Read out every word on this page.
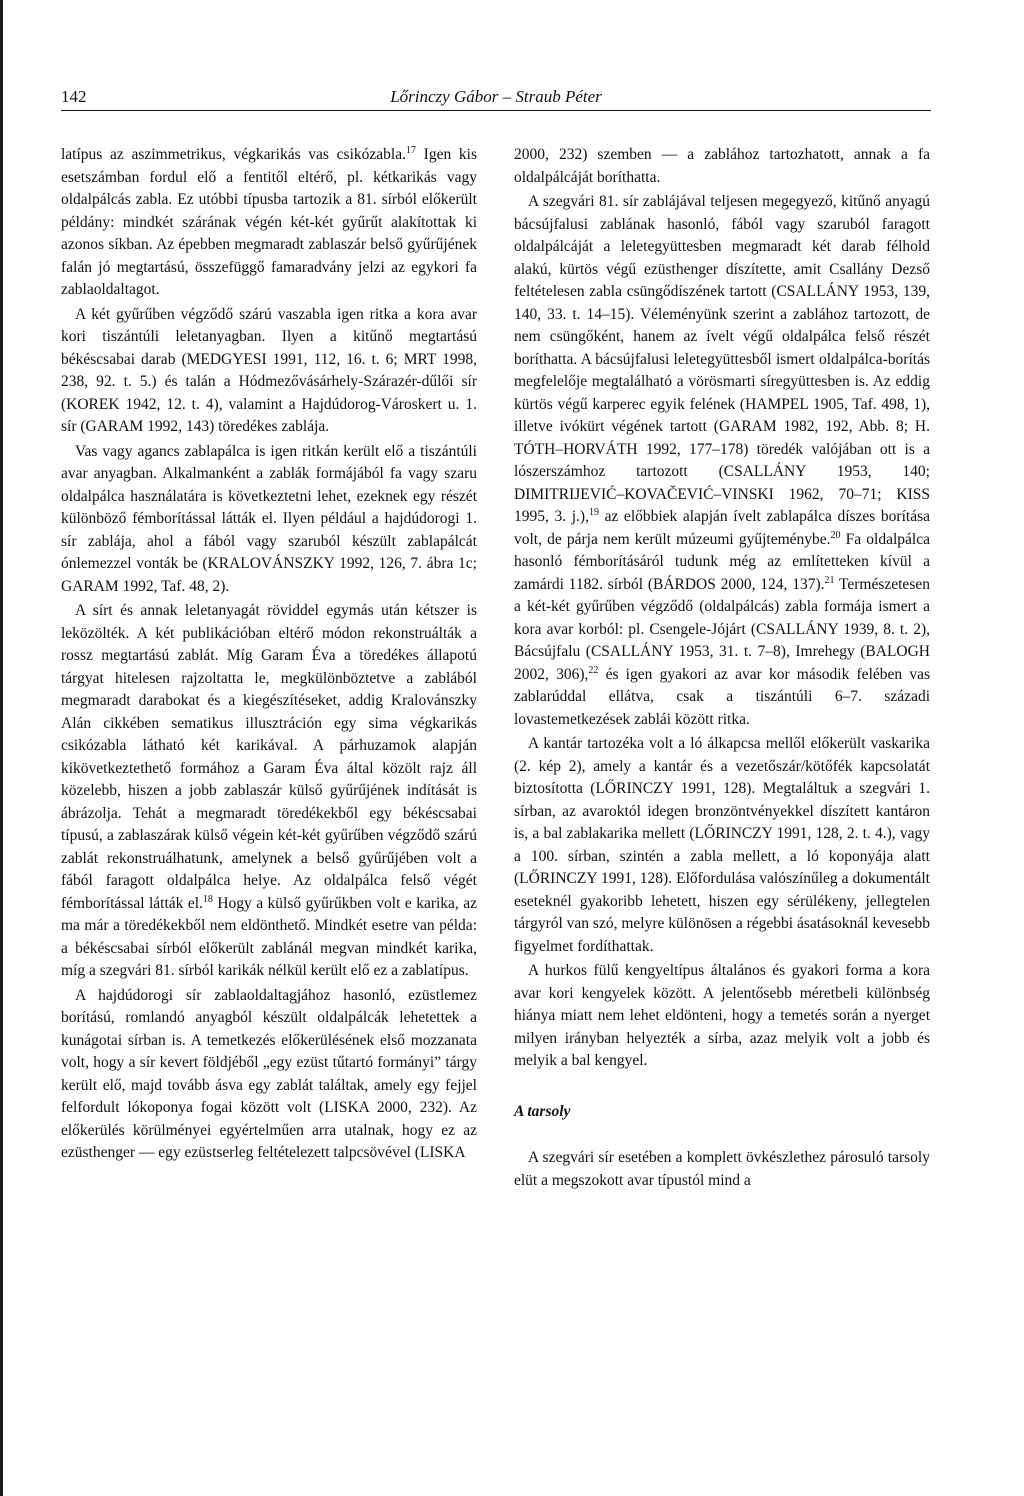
142	Lőrinczy Gábor – Straub Péter

latípus az aszimmetrikus, végkarikás vas csikózabla.$^{17}$ Igen kis esetszámban fordul elő a fentitől eltérő, pl. kétkarikás vagy oldalpálcás zabla. Ez utóbbi típusba tartozik a 81. sírból előkerült példány: mindkét szárának végén két-két gyűrűt alakítottak ki azonos síkban. Az épebben megmaradt zablaszár belső gyűrűjének falán jó megtartású, összefüggő famaradvány jelzi az egykori fa zablaoldaltagot.

A két gyűrűben végződő szárú vaszabla igen ritka a kora avar kori tiszántúli leletanyagban. Ilyen a kitűnő megtartású békéscsabai darab (MEDGYESI 1991, 112, 16. t. 6; MRT 1998, 238, 92. t. 5.) és talán a Hódmezővásárhely-Szárazér-dűlői sír (KOREK 1942, 12. t. 4), valamint a Hajdúdorog-Városkert u. 1. sír (GARAM 1992, 143) töredékes zablája.

Vas vagy agancs zablapálca is igen ritkán került elő a tiszántúli avar anyagban. Alkalmanként a zablák formájából fa vagy szaru oldalpálca használatára is következtetni lehet, ezeknek egy részét különböző fémborítással látták el. Ilyen például a hajdúdorogi 1. sír zablája, ahol a fából vagy szaruból készült zablapálcát ónlemezzel vonták be (KRALOVÁNSZKY 1992, 126, 7. ábra 1c; GARAM 1992, Taf. 48, 2).

A sírt és annak leletanyagát röviddel egymás után kétszer is leközölték. A két publikációban eltérő módon rekonstruálták a rossz megtartású zablát. Míg Garam Éva a töredékes állapotú tárgyat hitelesen rajzoltatta le, megkülönböztetve a zablából megmaradt darabokat és a kiegészítéseket, addig Kralovánszky Alán cikkében sematikus illusztráción egy sima végkarikás csikózabla látható két karikával. A párhuzamok alapján kikövetkeztethető formához a Garam Éva által közölt rajz áll közelebb, hiszen a jobb zablaszár külső gyűrűjének indítását is ábrázolja. Tehát a megmaradt töredékekből egy békéscsabai típusú, a zablaszárak külső végein két-két gyűrűben végződő szárú zablát rekonstruálhatunk, amelynek a belső gyűrűjében volt a fából faragott oldalpálca helye. Az oldalpálca felső végét fémborítással látták el.$^{18}$ Hogy a külső gyűrűkben volt e karika, az ma már a töredékekből nem eldönthető. Mindkét esetre van példa: a békéscsabai sírból előkerült zablánál megvan mindkét karika, míg a szegvári 81. sírból karikák nélkül került elő ez a zablatípus.

A hajdúdorogi sír zablaoldaltagjához hasonló, ezüstlemez borítású, romlandó anyagból készült oldalpálcák lehetettek a kunágotai sírban is. A temetkezés előkerülésének első mozzanata volt, hogy a sír kevert földjéből „egy ezüst tűtartó formányi” tárgy került elő, majd tovább ásva egy zablát találtak, amely egy fejjel felfordult lókoponya fogai között volt (LISKA 2000, 232). Az előkerülés körülményei egyértelműen arra utalnak, hogy ez az ezüsthenger — egy ezüstserleg feltételezett talpcsövével (LISKA

2000, 232) szemben — a zablához tartozhatott, annak a fa oldalpálcáját boríthatta.

A szegvári 81. sír zablájával teljesen megegyező, kitűnő anyagú bácsújfalusi zablának hasonló, fából vagy szaruból faragott oldalpálcáját a leletegyüttesben megmaradt két darab félhold alakú, kürtös végű ezüsthenger díszítette, amit Csallány Dezső feltételesen zabla csüngődíszének tartott (CSALLÁNY 1953, 139, 140, 33. t. 14–15). Véleményünk szerint a zablához tartozott, de nem csüngőként, hanem az ívelt végű oldalpálca felső részét boríthatta. A bácsújfalusi leletegyüttesből ismert oldalpálca-borítás megfelelője megtalálható a vörösmarti síregyüttesben is. Az eddig kürtös végű karperec egyik felének (HAMPEL 1905, Taf. 498, 1), illetve ivókürt végének tartott (GARAM 1982, 192, Abb. 8; H. TÓTH–HORVÁTH 1992, 177–178) töredék valójában ott is a lószerszámhoz tartozott (CSALLÁNY 1953, 140; DIMITRIJEVIĆ–KOVAČEVIĆ–VINSKI 1962, 70–71; KISS 1995, 3. j.),$^{19}$ az előbbiek alapján ívelt zablapálca díszes borítása volt, de párja nem került múzeumi gyűjteménybe.$^{20}$ Fa oldalpálca hasonló fémborításáról tudunk még az említetteken kívül a zamárdi 1182. sírból (BÁRDOS 2000, 124, 137).$^{21}$ Természetesen a két-két gyűrűben végződő (oldalpálcás) zabla formája ismert a kora avar korból: pl. Csengele-Jójárt (CSALLÁNY 1939, 8. t. 2), Bácsújfalu (CSALLÁNY 1953, 31. t. 7–8), Imrehegy (BALOGH 2002, 306),$^{22}$ és igen gyakori az avar kor második felében vas zablarúddal ellátva, csak a tiszántúli 6–7. századi lovastemetkezések zablái között ritka.

A kantár tartozéka volt a ló álkapcsa mellől előkerült vaskarika (2. kép 2), amely a kantár és a vezetőszár/kötőfék kapcsolatát biztosította (LŐRINCZY 1991, 128). Megtaláltuk a szegvári 1. sírban, az avaroktól idegen bronzöntvényekkel díszített kantáron is, a bal zablakarika mellett (LŐRINCZY 1991, 128, 2. t. 4.), vagy a 100. sírban, szintén a zabla mellett, a ló koponyája alatt (LŐRINCZY 1991, 128). Előfordulása valószínűleg a dokumentált eseteknél gyakoribb lehetett, hiszen egy sérülékeny, jellegtelen tárgyról van szó, melyre különösen a régebbi ásatásoknál kevesebb figyelmet fordíthattak.

A hurkos fülű kengyeltípus általános és gyakori forma a kora avar kori kengyelek között. A jelentősebb méretbeli különbség hiánya miatt nem lehet eldönteni, hogy a temetés során a nyerget milyen irányban helyezték a sírba, azaz melyik volt a jobb és melyik a bal kengyel.

A tarsoly

A szegvári sír esetében a komplett övkészlethez párosuló tarsoly elüt a megszokott avar típustól mind a
